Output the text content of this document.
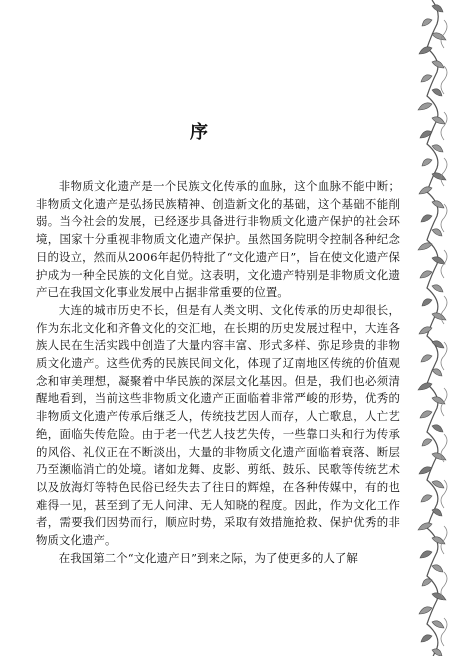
序

非物质文化遗产是一个民族文化传承的血脉，这个血脉不能中断；非物质文化遗产是弘扬民族精神、创造新文化的基础，这个基础不能削弱。当今社会的发展，已经逐步具备进行非物质文化遗产保护的社会环境，国家十分重视非物质文化遗产保护。虽然国务院明令控制各种纪念日的设立，然而从2006年起仍特批了“文化遗产日”，旨在使文化遗产保护成为一种全民族的文化自觉。这表明，文化遗产特别是非物质文化遗产已在我国文化事业发展中占据非常重要的位置。

大连的城市历史不长，但是有人类文明、文化传承的历史却很长，作为东北文化和齐鲁文化的交汇地，在长期的历史发展过程中，大连各族人民在生活实践中创造了大量内容丰富、形式多样、弥足珍贵的非物质文化遗产。这些优秀的民族民间文化，体现了辽南地区传统的价值观念和审美理想，凝聚着中华民族的深层文化基因。但是，我们也必须清醒地看到，当前这些非物质文化遗产正面临着非常严峻的形势，优秀的非物质文化遗产传承后继乏人，传统技艺因人而存，人亡歌息，人亡艺绝，面临失传危险。由于老一代艺人技艺失传，一些靠口头和行为传承的风俗、礼仪正在不断淡出，大量的非物质文化遗产面临着衰落、断层乃至濒临消亡的处境。诸如龙舞、皮影、剪纸、鼓乐、民歌等传统艺术以及放海灯等特色民俗已经失去了往日的辉煌，在各种传媒中，有的也难得一见，甚至到了无人问津、无人知晓的程度。因此，作为文化工作者，需要我们因势而行，顺应时势，采取有效措施抢救、保护优秀的非物质文化遗产。

在我国第二个“文化遗产日”到来之际，为了使更多的人了解
